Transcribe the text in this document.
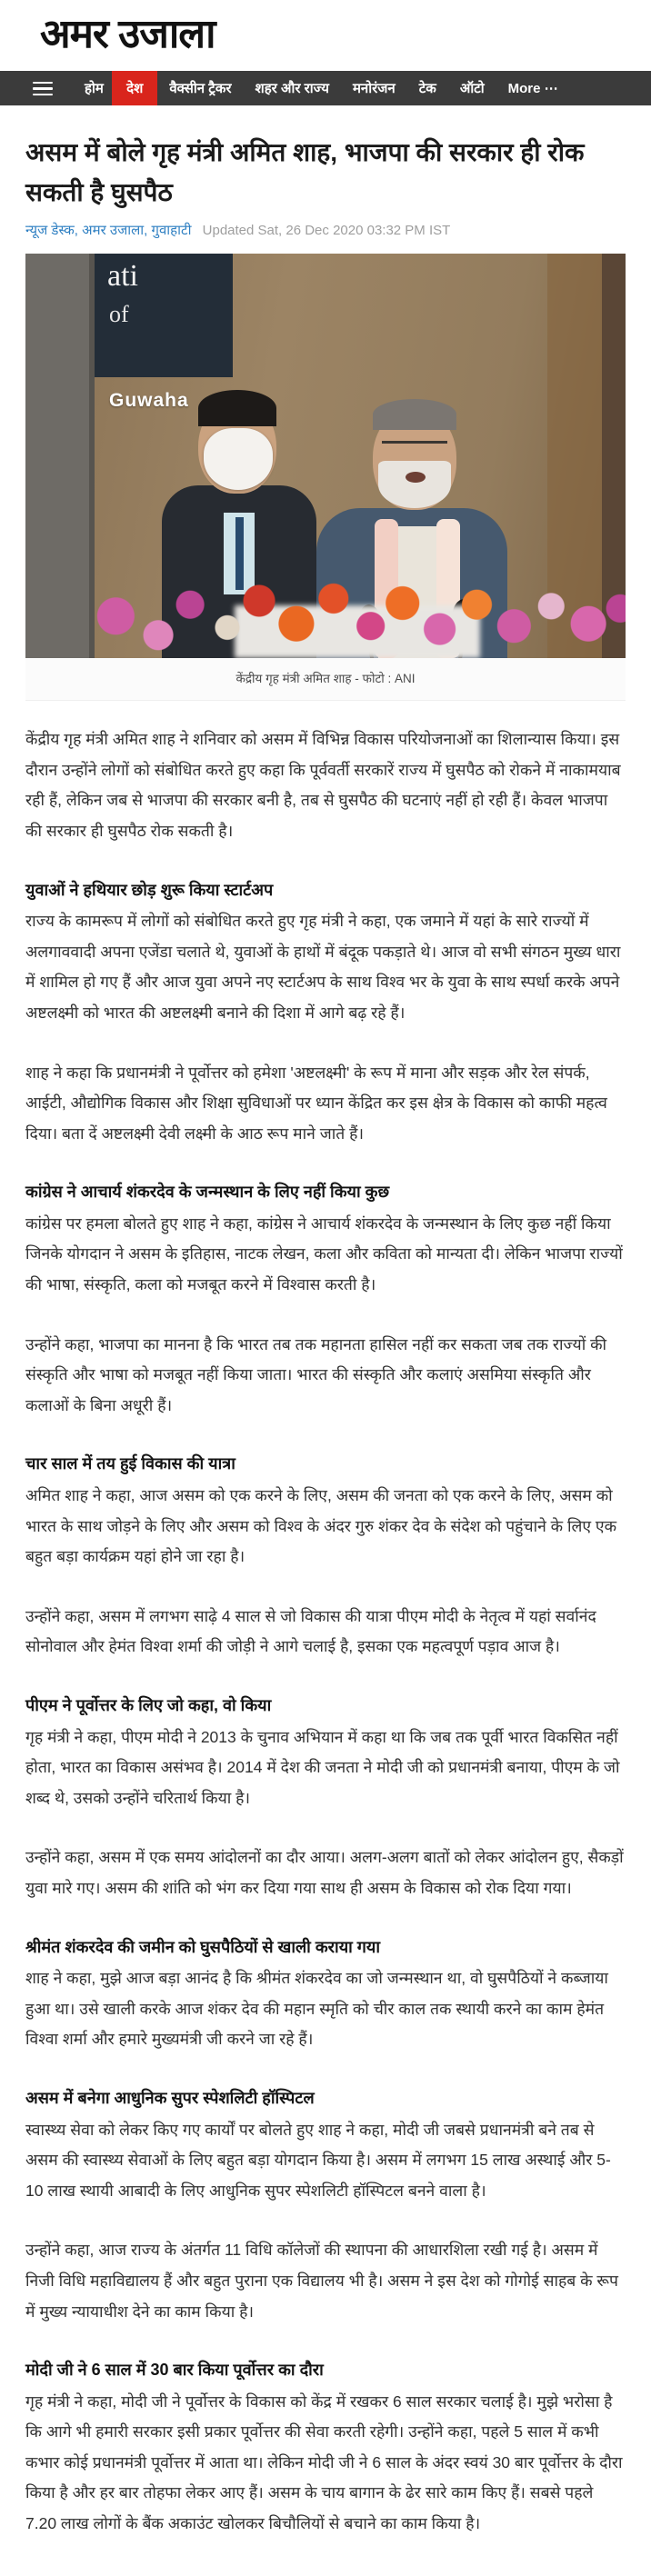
अमर उजाला
होम	देश	वैक्सीन ट्रैकर	शहर और राज्य	मनोरंजन	टेक	ऑटो	More ⋯
असम में बोले गृह मंत्री अमित शाह, भाजपा की सरकार ही रोक सकती है घुसपैठ
न्यूज डेस्क, अमर उजाला, गुवाहाटी Updated Sat, 26 Dec 2020 03:32 PM IST
ati
of
Guwaha
केंद्रीय गृह मंत्री अमित शाह - फोटो : ANI

केंद्रीय गृह मंत्री अमित शाह ने शनिवार को असम में विभिन्न विकास परियोजनाओं का शिलान्यास किया। इस दौरान उन्होंने लोगों को संबोधित करते हुए कहा कि पूर्ववर्ती सरकारें राज्य में घुसपैठ को रोकने में नाकामयाब रही हैं, लेकिन जब से भाजपा की सरकार बनी है, तब से घुसपैठ की घटनाएं नहीं हो रही हैं। केवल भाजपा की सरकार ही घुसपैठ रोक सकती है।

युवाओं ने हथियार छोड़ शुरू किया स्टार्टअप

राज्य के कामरूप में लोगों को संबोधित करते हुए गृह मंत्री ने कहा, एक जमाने में यहां के सारे राज्यों में अलगाववादी अपना एजेंडा चलाते थे, युवाओं के हाथों में बंदूक पकड़ाते थे। आज वो सभी संगठन मुख्य धारा में शामिल हो गए हैं और आज युवा अपने नए स्टार्टअप के साथ विश्व भर के युवा के साथ स्पर्धा करके अपने अष्टलक्ष्मी को भारत की अष्टलक्ष्मी बनाने की दिशा में आगे बढ़ रहे हैं।

शाह ने कहा कि प्रधानमंत्री ने पूर्वोत्तर को हमेशा 'अष्टलक्ष्मी' के रूप में माना और सड़क और रेल संपर्क, आईटी, औद्योगिक विकास और शिक्षा सुविधाओं पर ध्यान केंद्रित कर इस क्षेत्र के विकास को काफी महत्व दिया। बता दें अष्टलक्ष्मी देवी लक्ष्मी के आठ रूप माने जाते हैं।

कांग्रेस ने आचार्य शंकरदेव के जन्मस्थान के लिए नहीं किया कुछ

कांग्रेस पर हमला बोलते हुए शाह ने कहा, कांग्रेस ने आचार्य शंकरदेव के जन्मस्थान के लिए कुछ नहीं किया जिनके योगदान ने असम के इतिहास, नाटक लेखन, कला और कविता को मान्यता दी। लेकिन भाजपा राज्यों की भाषा, संस्कृति, कला को मजबूत करने में विश्वास करती है।

उन्होंने कहा, भाजपा का मानना है कि भारत तब तक महानता हासिल नहीं कर सकता जब तक राज्यों की संस्कृति और भाषा को मजबूत नहीं किया जाता। भारत की संस्कृति और कलाएं असमिया संस्कृति और कलाओं के बिना अधूरी हैं।

चार साल में तय हुई विकास की यात्रा

अमित शाह ने कहा, आज असम को एक करने के लिए, असम की जनता को एक करने के लिए, असम को भारत के साथ जोड़ने के लिए और असम को विश्व के अंदर गुरु शंकर देव के संदेश को पहुंचाने के लिए एक बहुत बड़ा कार्यक्रम यहां होने जा रहा है।

उन्होंने कहा, असम में लगभग साढ़े 4 साल से जो विकास की यात्रा पीएम मोदी के नेतृत्व में यहां सर्वानंद सोनोवाल और हेमंत विश्वा शर्मा की जोड़ी ने आगे चलाई है, इसका एक महत्वपूर्ण पड़ाव आज है।

पीएम ने पूर्वोत्तर के लिए जो कहा, वो किया

गृह मंत्री ने कहा, पीएम मोदी ने 2013 के चुनाव अभियान में कहा था कि जब तक पूर्वी भारत विकसित नहीं होता, भारत का विकास असंभव है। 2014 में देश की जनता ने मोदी जी को प्रधानमंत्री बनाया, पीएम के जो शब्द थे, उसको उन्होंने चरितार्थ किया है।

उन्होंने कहा, असम में एक समय आंदोलनों का दौर आया। अलग-अलग बातों को लेकर आंदोलन हुए, सैकड़ों युवा मारे गए। असम की शांति को भंग कर दिया गया साथ ही असम के विकास को रोक दिया गया।

श्रीमंत शंकरदेव की जमीन को घुसपैठियों से खाली कराया गया

शाह ने कहा, मुझे आज बड़ा आनंद है कि श्रीमंत शंकरदेव का जो जन्मस्थान था, वो घुसपैठियों ने कब्जाया हुआ था। उसे खाली करके आज शंकर देव की महान स्मृति को चीर काल तक स्थायी करने का काम हेमंत विश्वा शर्मा और हमारे मुख्यमंत्री जी करने जा रहे हैं।

असम में बनेगा आधुनिक सुपर स्पेशलिटी हॉस्पिटल

स्वास्थ्य सेवा को लेकर किए गए कार्यों पर बोलते हुए शाह ने कहा, मोदी जी जबसे प्रधानमंत्री बने तब से असम की स्वास्थ्य सेवाओं के लिए बहुत बड़ा योगदान किया है। असम में लगभग 15 लाख अस्थाई और 5-10 लाख स्थायी आबादी के लिए आधुनिक सुपर स्पेशलिटी हॉस्पिटल बनने वाला है।

उन्होंने कहा, आज राज्य के अंतर्गत 11 विधि कॉलेजों की स्थापना की आधारशिला रखी गई है। असम में निजी विधि महाविद्यालय हैं और बहुत पुराना एक विद्यालय भी है। असम ने इस देश को गोगोई साहब के रूप में मुख्य न्यायाधीश देने का काम किया है।

मोदी जी ने 6 साल में 30 बार किया पूर्वोत्तर का दौरा

गृह मंत्री ने कहा, मोदी जी ने पूर्वोत्तर के विकास को केंद्र में रखकर 6 साल सरकार चलाई है। मुझे भरोसा है कि आगे भी हमारी सरकार इसी प्रकार पूर्वोत्तर की सेवा करती रहेगी। उन्होंने कहा, पहले 5 साल में कभी कभार कोई प्रधानमंत्री पूर्वोत्तर में आता था। लेकिन मोदी जी ने 6 साल के अंदर स्वयं 30 बार पूर्वोत्तर के दौरा किया है और हर बार तोहफा लेकर आए हैं। असम के चाय बागान के ढेर सारे काम किए हैं। सबसे पहले 7.20 लाख लोगों के बैंक अकाउंट खोलकर बिचौलियों से बचाने का काम किया है।
